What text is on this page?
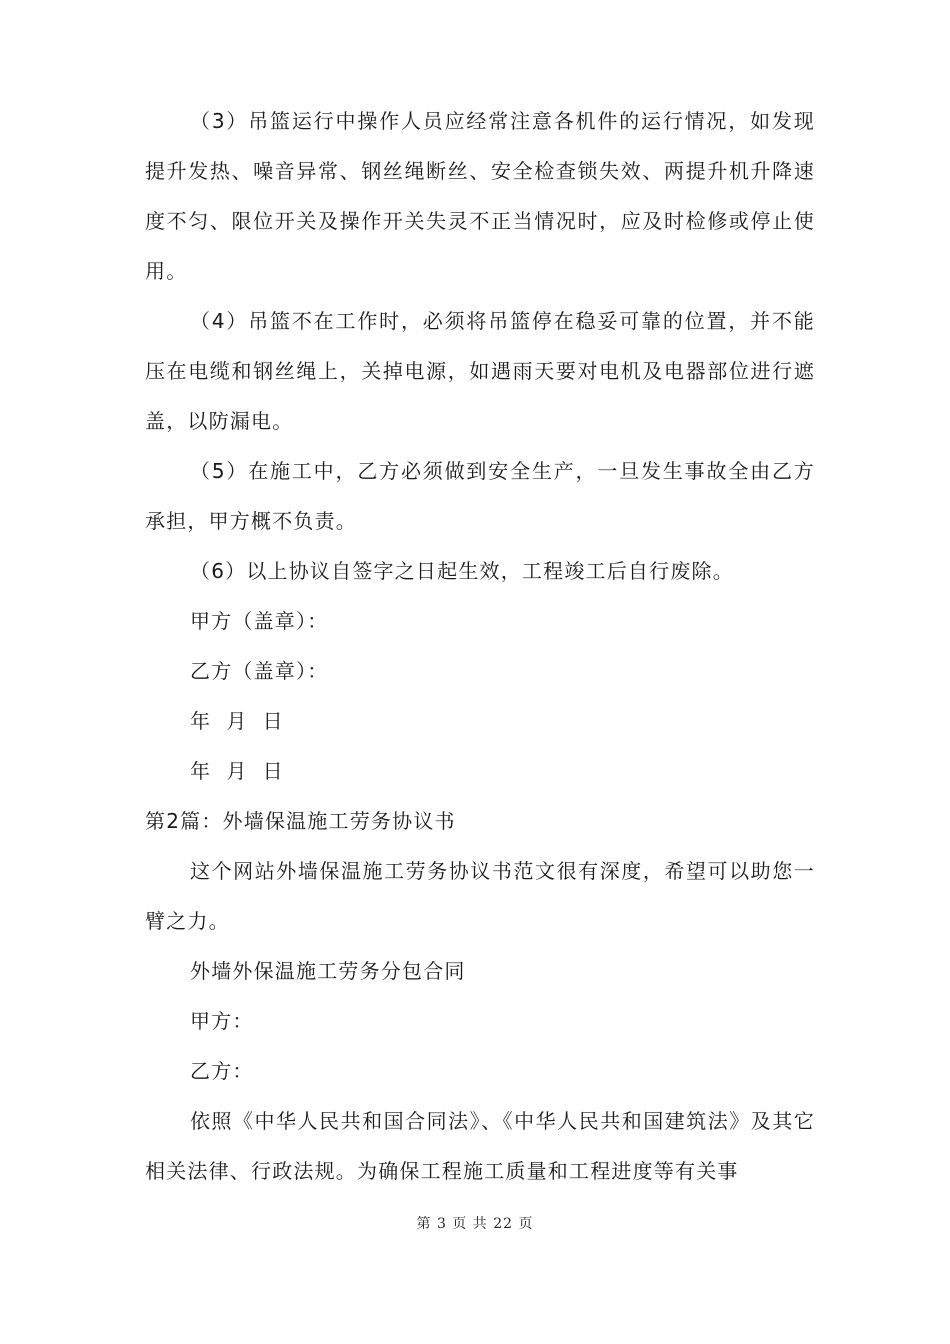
（3）吊篮运行中操作人员应经常注意各机件的运行情况，如发现提升发热、噪音异常、钢丝绳断丝、安全检查锁失效、两提升机升降速度不匀、限位开关及操作开关失灵不正当情况时，应及时检修或停止使用。

（4）吊篮不在工作时，必须将吊篮停在稳妥可靠的位置，并不能压在电缆和钢丝绳上，关掉电源，如遇雨天要对电机及电器部位进行遮盖，以防漏电。

（5）在施工中，乙方必须做到安全生产，一旦发生事故全由乙方承担，甲方概不负责。

（6）以上协议自签字之日起生效，工程竣工后自行废除。

甲方（盖章）：

乙方（盖章）：

年  月  日

年  月  日

第2篇：外墙保温施工劳务协议书

这个网站外墙保温施工劳务协议书范文很有深度，希望可以助您一臂之力。

外墙外保温施工劳务分包合同

甲方：

乙方：

依照《中华人民共和国合同法》、《中华人民共和国建筑法》及其它相关法律、行政法规。为确保工程施工质量和工程进度等有关事

第 3 页 共 22 页
